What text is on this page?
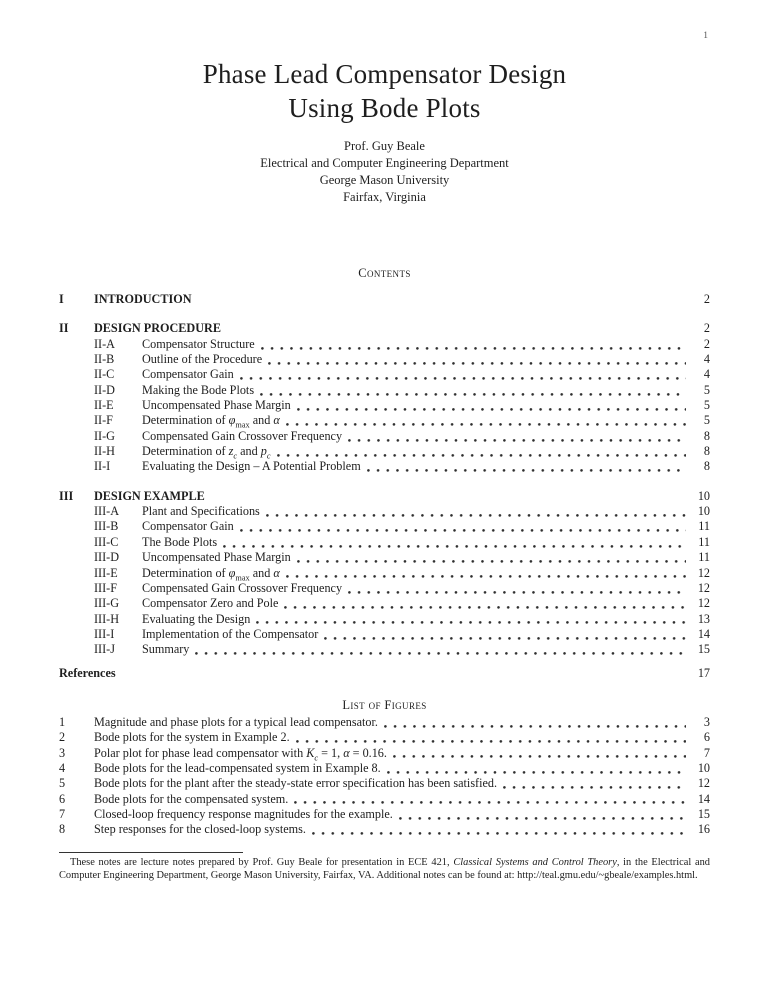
1
Phase Lead Compensator Design
Using Bode Plots
Prof. Guy Beale
Electrical and Computer Engineering Department
George Mason University
Fairfax, Virginia
Contents
I	INTRODUCTION	2
II	DESIGN PROCEDURE	2
II-A	Compensator Structure	2
II-B	Outline of the Procedure	4
II-C	Compensator Gain	4
II-D	Making the Bode Plots	5
II-E	Uncompensated Phase Margin	5
II-F	Determination of $\varphi_{max}$ and α	5
II-G	Compensated Gain Crossover Frequency	8
II-H	Determination of $z_c$ and $p_c$	8
II-I	Evaluating the Design – A Potential Problem	8
III	DESIGN EXAMPLE	10
III-A	Plant and Specifications	10
III-B	Compensator Gain	11
III-C	The Bode Plots	11
III-D	Uncompensated Phase Margin	11
III-E	Determination of $\varphi_{max}$ and α	12
III-F	Compensated Gain Crossover Frequency	12
III-G	Compensator Zero and Pole	12
III-H	Evaluating the Design	13
III-I	Implementation of the Compensator	14
III-J	Summary	15
References	17
List of Figures
1	Magnitude and phase plots for a typical lead compensator.	3
2	Bode plots for the system in Example 2.	6
3	Polar plot for phase lead compensator with $K_c = 1$, α = 0.16.	7
4	Bode plots for the lead-compensated system in Example 8.	10
5	Bode plots for the plant after the steady-state error specification has been satisfied.	12
6	Bode plots for the compensated system.	14
7	Closed-loop frequency response magnitudes for the example.	15
8	Step responses for the closed-loop systems.	16
These notes are lecture notes prepared by Prof. Guy Beale for presentation in ECE 421, Classical Systems and Control Theory, in the Electrical and Computer Engineering Department, George Mason University, Fairfax, VA. Additional notes can be found at: http://teal.gmu.edu/~gbeale/examples.html.
